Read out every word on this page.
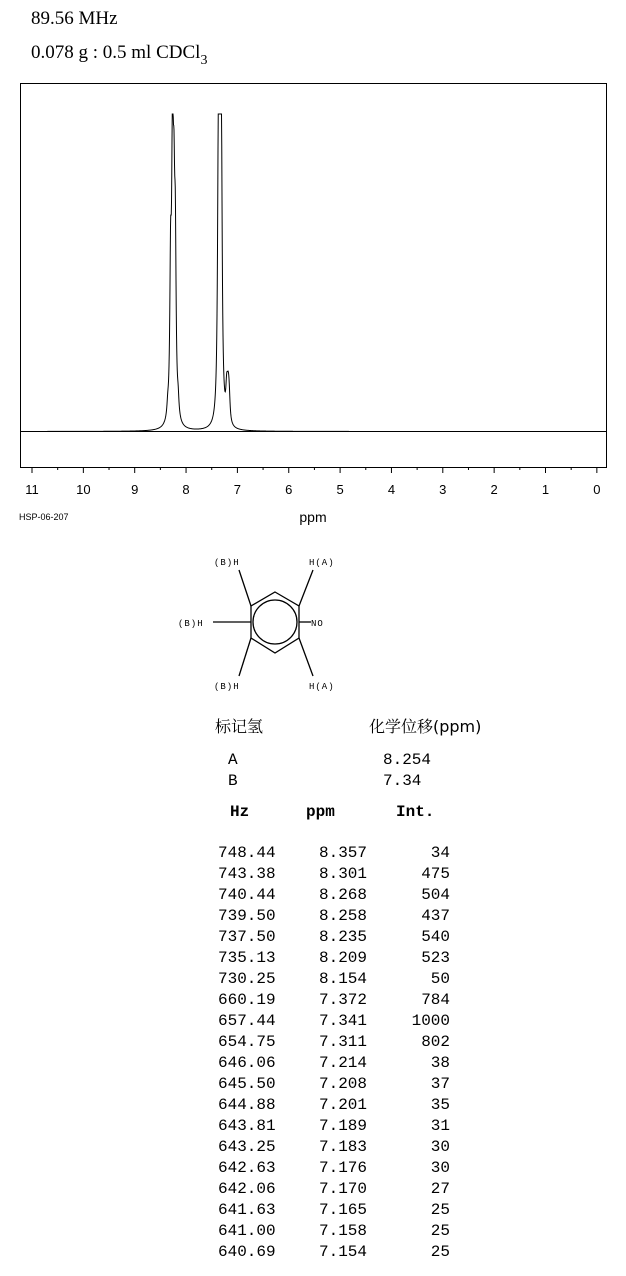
89.56 MHz
0.078 g : 0.5 ml CDCl$_3$
11	10	9	8	7	6	5	4	3	2	1	0
ppm
HSP-06-207
(B)H	H(A)
(B)H	NO
(B)H	H(A)
标记氢	化学位移(ppm)
A	8.254
B	7.34
Hz	ppm	Int.
748.44	8.357	34
743.38	8.301	475
740.44	8.268	504
739.50	8.258	437
737.50	8.235	540
735.13	8.209	523
730.25	8.154	50
660.19	7.372	784
657.44	7.341	1000
654.75	7.311	802
646.06	7.214	38
645.50	7.208	37
644.88	7.201	35
643.81	7.189	31
643.25	7.183	30
642.63	7.176	30
642.06	7.170	27
641.63	7.165	25
641.00	7.158	25
640.69	7.154	25
